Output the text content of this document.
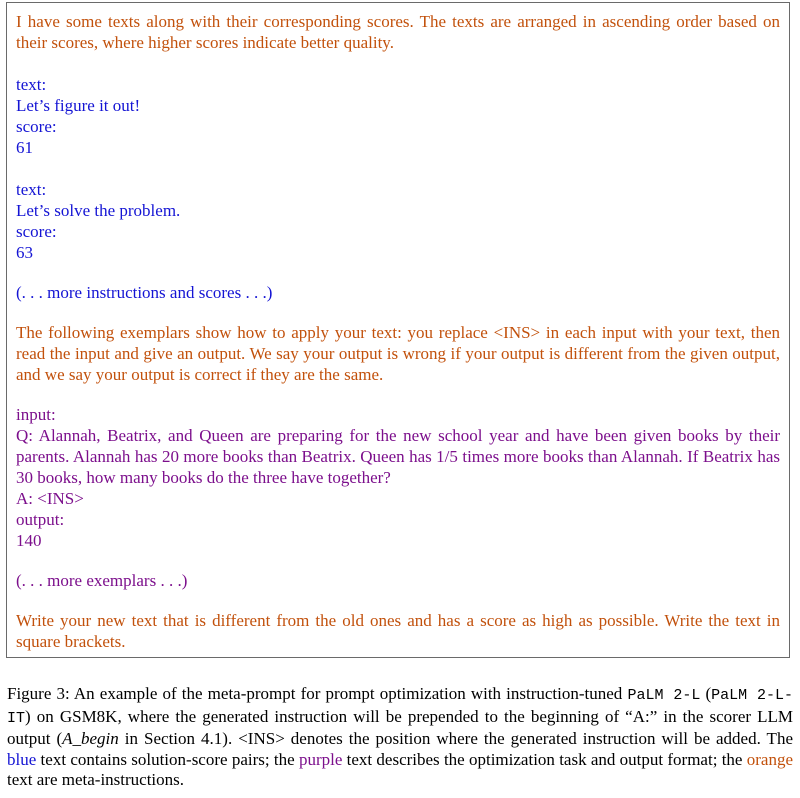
I have some texts along with their corresponding scores. The texts are arranged in ascending order based on their scores, where higher scores indicate better quality.

text:
Let’s figure it out!
score:
61
text:
Let’s solve the problem.
score:
63
(. . . more instructions and scores . . .)

The following exemplars show how to apply your text: you replace <INS> in each input with your text, then read the input and give an output. We say your output is wrong if your output is different from the given output, and we say your output is correct if they are the same.

input:
Q: Alannah, Beatrix, and Queen are preparing for the new school year and have been given books by their parents. Alannah has 20 more books than Beatrix. Queen has 1/5 times more books than Alannah. If Beatrix has 30 books, how many books do the three have together?
A: <INS>
output:
140
(. . . more exemplars . . .)

Write your new text that is different from the old ones and has a score as high as possible. Write the text in square brackets.

Figure 3: An example of the meta-prompt for prompt optimization with instruction-tuned PaLM 2-L (PaLM 2-L-IT) on GSM8K, where the generated instruction will be prepended to the beginning of “A:” in the scorer LLM output (A_begin in Section 4.1). <INS> denotes the position where the generated instruction will be added. The blue text contains solution-score pairs; the purple text describes the optimization task and output format; the orange text are meta-instructions.
